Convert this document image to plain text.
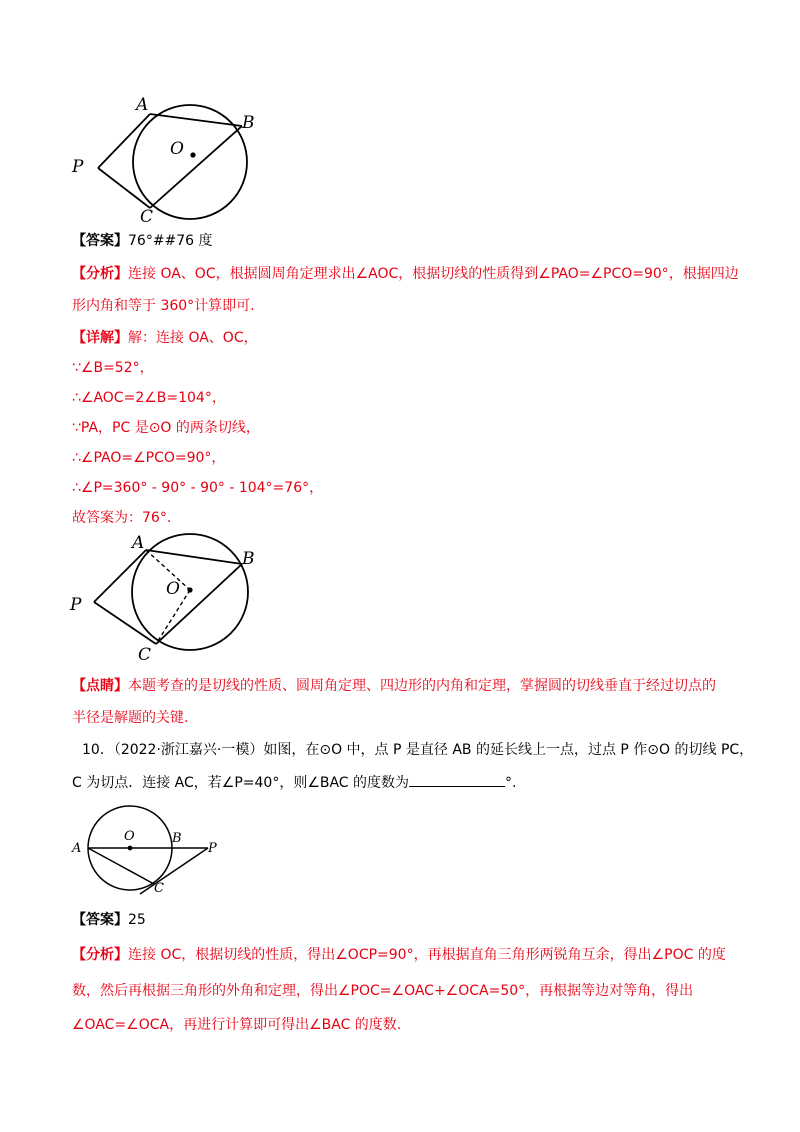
A
B
O
P
C
【答案】76°##76 度
【分析】连接 OA、OC，根据圆周角定理求出∠AOC，根据切线的性质得到∠PAO=∠PCO=90°，根据四边
形内角和等于 360°计算即可.
【详解】解：连接 OA、OC，
∵∠B=52°，
∴∠AOC=2∠B=104°，
∵PA，PC 是⊙O 的两条切线，
∴∠PAO=∠PCO=90°，
∴∠P=360° - 90° - 90° - 104°=76°，
故答案为：76°.
A
B
O
P
C
【点睛】本题考查的是切线的性质、圆周角定理、四边形的内角和定理，掌握圆的切线垂直于经过切点的
半径是解题的关键.
10．（2022·浙江嘉兴·一模）如图，在⊙O 中，点 P 是直径 AB 的延长线上一点，过点 P 作⊙O 的切线 PC，
C 为切点．连接 AC，若∠P=40°，则∠BAC 的度数为	°.
A
O	B
P
C
【答案】25
【分析】连接 OC，根据切线的性质，得出∠OCP=90°，再根据直角三角形两锐角互余，得出∠POC 的度
数，然后再根据三角形的外角和定理，得出∠POC=∠OAC+∠OCA=50°，再根据等边对等角，得出
∠OAC=∠OCA，再进行计算即可得出∠BAC 的度数.
